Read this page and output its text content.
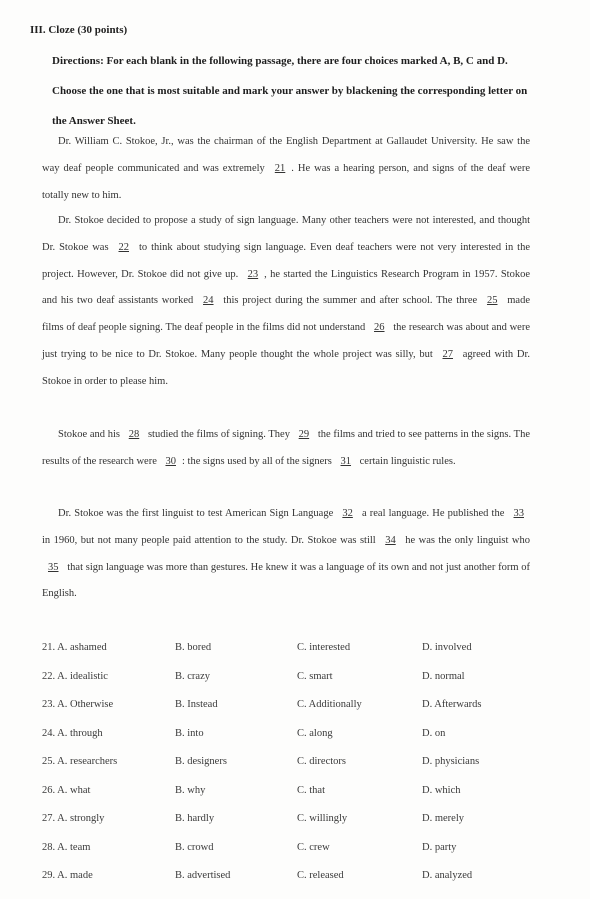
III. Cloze (30 points)
Directions: For each blank in the following passage, there are four choices marked A, B, C and D. Choose the one that is most suitable and mark your answer by blackening the corresponding letter on the Answer Sheet.
Dr. William C. Stokoe, Jr., was the chairman of the English Department at Gallaudet University. He saw the way deaf people communicated and was extremely 21 . He was a hearing person, and signs of the deaf were totally new to him.
Dr. Stokoe decided to propose a study of sign language. Many other teachers were not interested, and thought Dr. Stokoe was 22 to think about studying sign language. Even deaf teachers were not very interested in the project. However, Dr. Stokoe did not give up. 23 , he started the Linguistics Research Program in 1957. Stokoe and his two deaf assistants worked 24 this project during the summer and after school. The three 25 made films of deaf people signing. The deaf people in the films did not understand 26 the research was about and were just trying to be nice to Dr. Stokoe. Many people thought the whole project was silly, but 27 agreed with Dr. Stokoe in order to please him.
Stokoe and his 28 studied the films of signing. They 29 the films and tried to see patterns in the signs. The results of the research were 30 : the signs used by all of the signers 31 certain linguistic rules.
Dr. Stokoe was the first linguist to test American Sign Language 32 a real language. He published the 33 in 1960, but not many people paid attention to the study. Dr. Stokoe was still 34 he was the only linguist who 35 that sign language was more than gestures. He knew it was a language of its own and not just another form of English.
21. A. ashamed	B. bored	C. interested	D. involved
22. A. idealistic	B. crazy	C. smart	D. normal
23. A. Otherwise	B. Instead	C. Additionally	D. Afterwards
24. A. through	B. into	C. along	D. on
25. A. researchers	B. designers	C. directors	D. physicians
26. A. what	B. why	C. that	D. which
27. A. strongly	B. hardly	C. willingly	D. merely
28. A. team	B. crowd	C. crew	D. party
29. A. made	B. advertised	C. released	D. analyzed
